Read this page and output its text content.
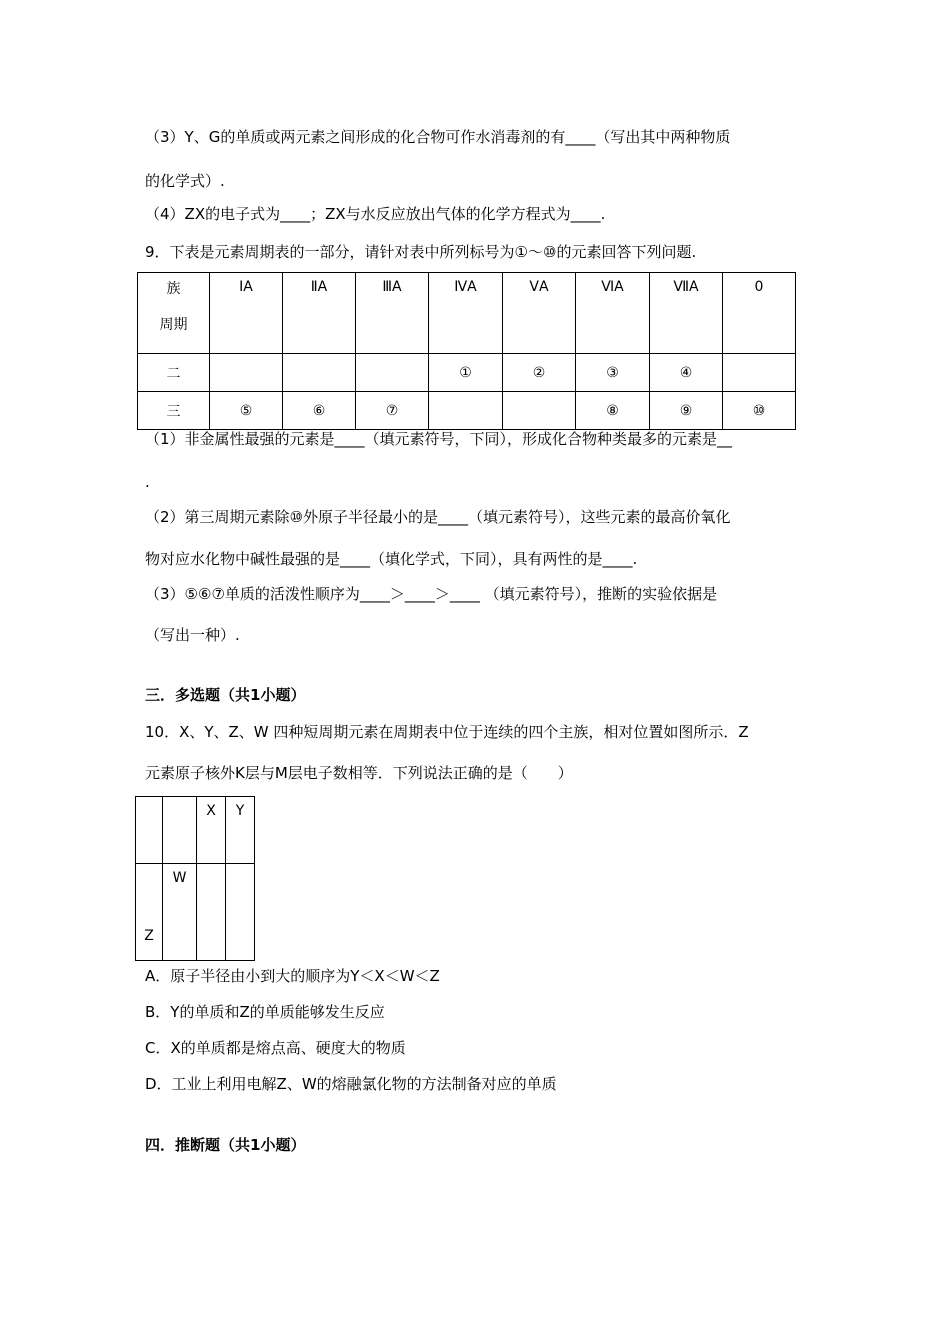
（3）Y、G的单质或两元素之间形成的化合物可作水消毒剂的有____（写出其中两种物质
的化学式）.
（4）ZX的电子式为____；ZX与水反应放出气体的化学方程式为____.
9．下表是元素周期表的一部分，请针对表中所列标号为①～⑩的元素回答下列问题.
族
周期	ⅠA	ⅡA	ⅢA	ⅣA	ⅤA	ⅥA	ⅦA	0
二				①	②	③	④	
三	⑤	⑥	⑦			⑧	⑨	⑩
（1）非金属性最强的元素是____（填元素符号，下同），形成化合物种类最多的元素是__
.
（2）第三周期元素除⑩外原子半径最小的是____（填元素符号），这些元素的最高价氧化
物对应水化物中碱性最强的是____（填化学式，下同），具有两性的是____.
（3）⑤⑥⑦单质的活泼性顺序为____＞____＞____ （填元素符号），推断的实验依据是
（写出一种）.
三．多选题（共1小题）
10．X、Y、Z、W 四种短周期元素在周期表中位于连续的四个主族，相对位置如图所示．Z
元素原子核外K层与M层电子数相等．下列说法正确的是（　　）
		X	Y
Z	W		
A．原子半径由小到大的顺序为Y＜X＜W＜Z
B．Y的单质和Z的单质能够发生反应
C．X的单质都是熔点高、硬度大的物质
D．工业上利用电解Z、W的熔融氯化物的方法制备对应的单质
四．推断题（共1小题）
